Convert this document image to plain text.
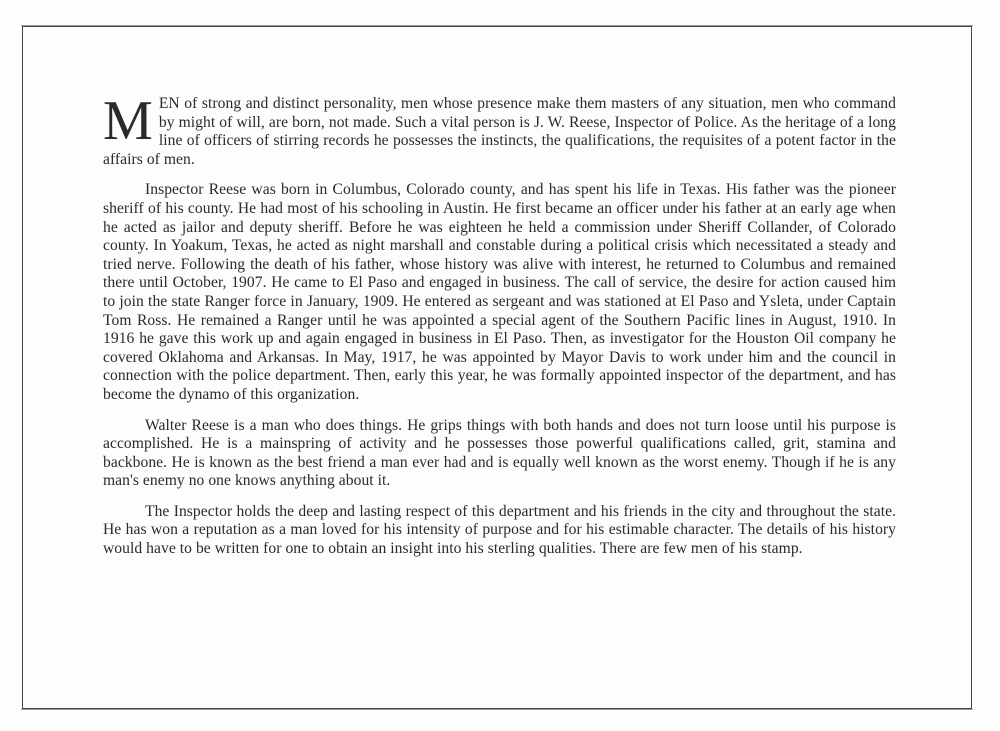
MEN of strong and distinct personality, men whose presence make them masters of any situation, men who command by might of will, are born, not made. Such a vital person is J. W. Reese, Inspector of Police. As the heritage of a long line of officers of stirring records he possesses the instincts, the qualifications, the requisites of a potent factor in the affairs of men.

Inspector Reese was born in Columbus, Colorado county, and has spent his life in Texas. His father was the pioneer sheriff of his county. He had most of his schooling in Austin. He first became an officer under his father at an early age when he acted as jailor and deputy sheriff. Before he was eighteen he held a commission under Sheriff Collander, of Colorado county. In Yoakum, Texas, he acted as night marshall and constable during a political crisis which necessitated a steady and tried nerve. Following the death of his father, whose history was alive with interest, he returned to Columbus and remained there until October, 1907. He came to El Paso and engaged in business. The call of service, the desire for action caused him to join the state Ranger force in January, 1909. He entered as sergeant and was stationed at El Paso and Ysleta, under Captain Tom Ross. He remained a Ranger until he was appointed a special agent of the Southern Pacific lines in August, 1910. In 1916 he gave this work up and again engaged in business in El Paso. Then, as investigator for the Houston Oil company he covered Oklahoma and Arkansas. In May, 1917, he was appointed by Mayor Davis to work under him and the council in connection with the police department. Then, early this year, he was formally appointed inspector of the department, and has become the dynamo of this organization.

Walter Reese is a man who does things. He grips things with both hands and does not turn loose until his purpose is accomplished. He is a mainspring of activity and he possesses those powerful qualifications called, grit, stamina and backbone. He is known as the best friend a man ever had and is equally well known as the worst enemy. Though if he is any man's enemy no one knows anything about it.

The Inspector holds the deep and lasting respect of this department and his friends in the city and throughout the state. He has won a reputation as a man loved for his intensity of purpose and for his estimable character. The details of his history would have to be written for one to obtain an insight into his sterling qualities. There are few men of his stamp.
